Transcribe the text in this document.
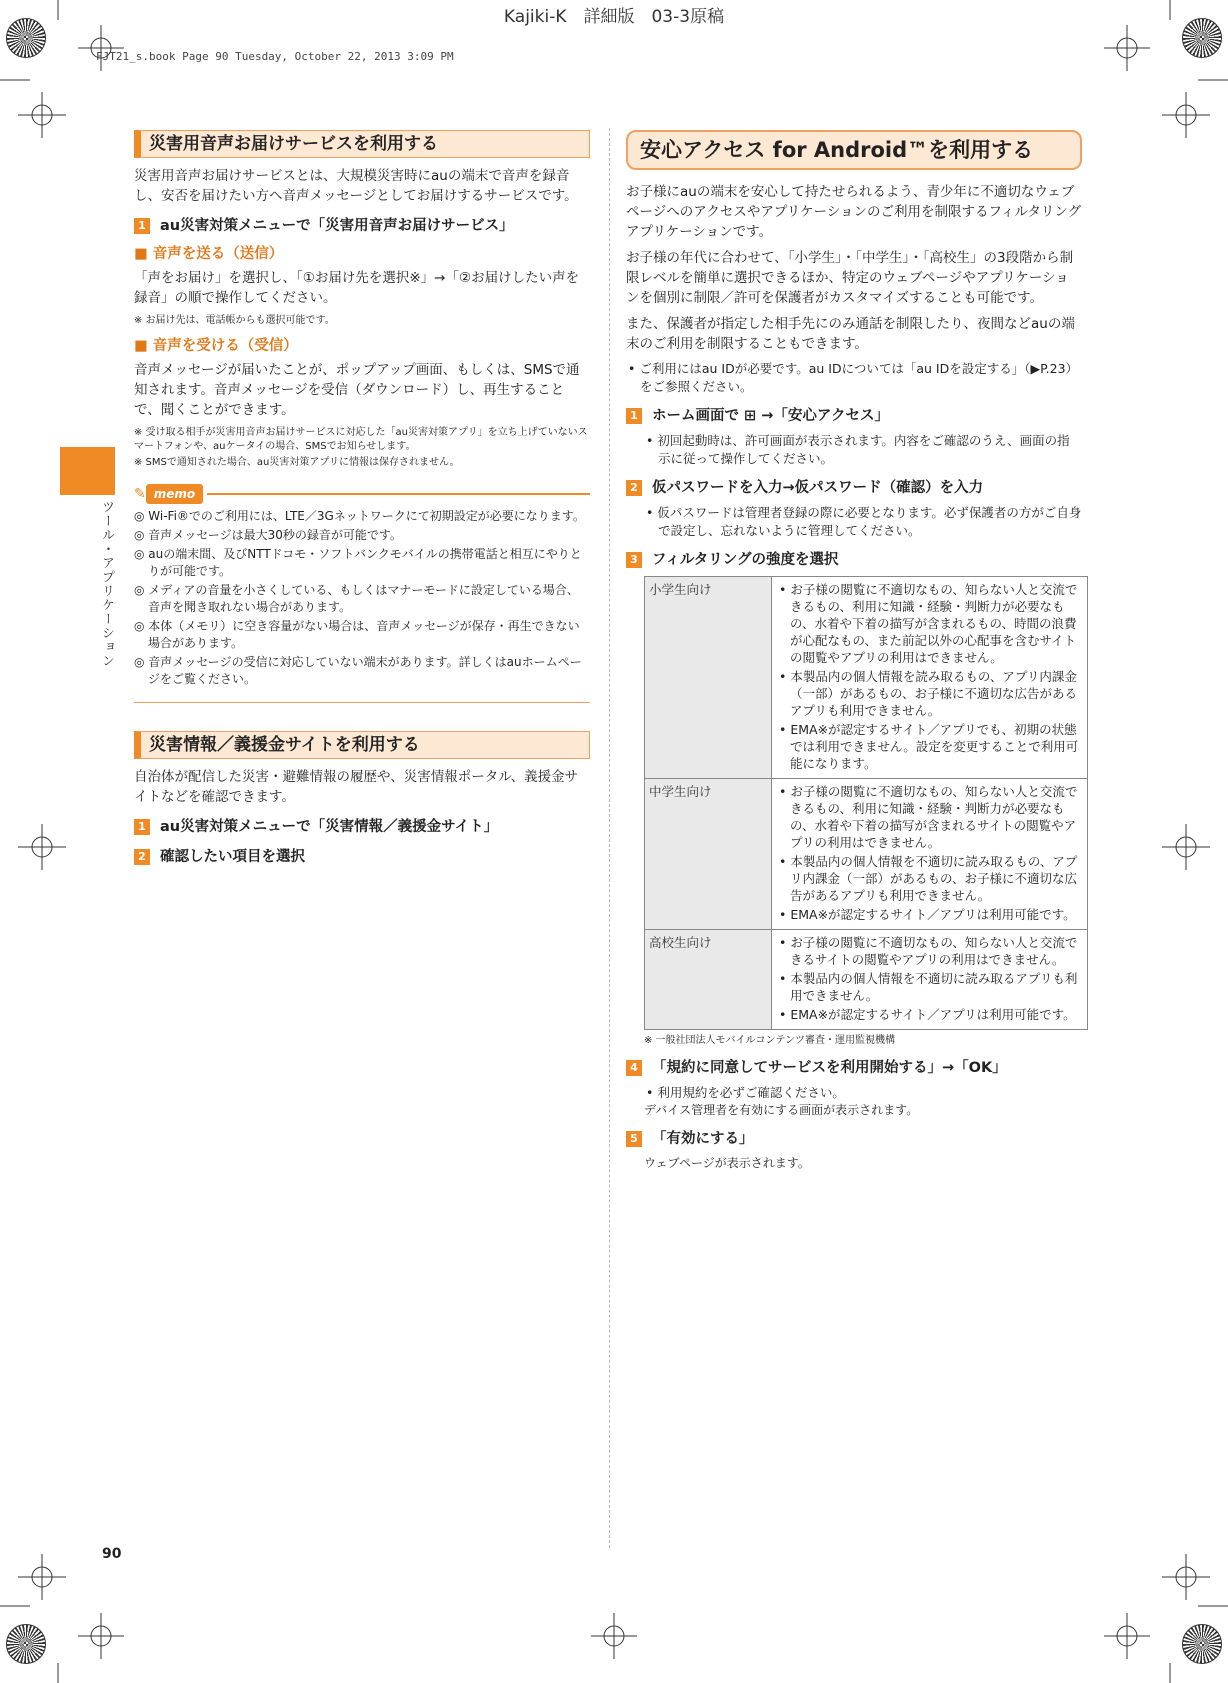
Kajiki-K　詳細版　03-3原稿
FJT21_s.book Page 90 Tuesday, October 22, 2013 3:09 PM
ツール・アプリケーション
災害用音声お届けサービスを利用する

災害用音声お届けサービスとは、大規模災害時にauの端末で音声を録音し、安否を届けたい方へ音声メッセージとしてお届けするサービスです。

1 au災害対策メニューで「災害用音声お届けサービス」
■ 音声を送る（送信）

「声をお届け」を選択し、「①お届け先を選択※」→「②お届けしたい声を録音」の順で操作してください。

※ お届け先は、電話帳からも選択可能です。

■ 音声を受ける（受信）

音声メッセージが届いたことが、ポップアップ画面、もしくは、SMSで通知されます。音声メッセージを受信（ダウンロード）し、再生することで、聞くことができます。

※ 受け取る相手が災害用音声お届けサービスに対応した「au災害対策アプリ」を立ち上げていないスマートフォンや、auケータイの場合、SMSでお知らせします。

※ SMSで通知された場合、au災害対策アプリに情報は保存されません。

✎ memo
◎ Wi-Fi®でのご利用には、LTE／3Gネットワークにて初期設定が必要になります。
◎ 音声メッセージは最大30秒の録音が可能です。
◎ auの端末間、及びNTTドコモ・ソフトバンクモバイルの携帯電話と相互にやりとりが可能です。
◎ メディアの音量を小さくしている、もしくはマナーモードに設定している場合、音声を聞き取れない場合があります。
◎ 本体（メモリ）に空き容量がない場合は、音声メッセージが保存・再生できない場合があります。
◎ 音声メッセージの受信に対応していない端末があります。詳しくはauホームページをご覧ください。
災害情報／義援金サイトを利用する

自治体が配信した災害・避難情報の履歴や、災害情報ポータル、義援金サイトなどを確認できます。

1 au災害対策メニューで「災害情報／義援金サイト」
2 確認したい項目を選択
安心アクセス for Android™を利用する

お子様にauの端末を安心して持たせられるよう、青少年に不適切なウェブページへのアクセスやアプリケーションのご利用を制限するフィルタリングアプリケーションです。

お子様の年代に合わせて、「小学生」・「中学生」・「高校生」の3段階から制限レベルを簡単に選択できるほか、特定のウェブページやアプリケーションを個別に制限／許可を保護者がカスタマイズすることも可能です。

また、保護者が指定した相手先にのみ通話を制限したり、夜間などauの端末のご利用を制限することもできます。

• ご利用にはau IDが必要です。au IDについては「au IDを設定する」（▶P.23）をご参照ください。
1 ホーム画面で ⊞ →「安心アクセス」
• 初回起動時は、許可画面が表示されます。内容をご確認のうえ、画面の指示に従って操作してください。
2 仮パスワードを入力→仮パスワード（確認）を入力
• 仮パスワードは管理者登録の際に必要となります。必ず保護者の方がご自身で設定し、忘れないように管理してください。
3 フィルタリングの強度を選択
小学生向け	• お子様の閲覧に不適切なもの、知らない人と交流できるもの、利用に知識・経験・判断力が必要なもの、水着や下着の描写が含まれるもの、時間の浪費が心配なもの、また前記以外の心配事を含むサイトの閲覧やアプリの利用はできません。
• 本製品内の個人情報を読み取るもの、アプリ内課金（一部）があるもの、お子様に不適切な広告があるアプリも利用できません。
• EMA※が認定するサイト／アプリでも、初期の状態では利用できません。設定を変更することで利用可能になります。

中学生向け	• お子様の閲覧に不適切なもの、知らない人と交流できるもの、利用に知識・経験・判断力が必要なもの、水着や下着の描写が含まれるサイトの閲覧やアプリの利用はできません。
• 本製品内の個人情報を不適切に読み取るもの、アプリ内課金（一部）があるもの、お子様に不適切な広告があるアプリも利用できません。
• EMA※が認定するサイト／アプリは利用可能です。

高校生向け	• お子様の閲覧に不適切なもの、知らない人と交流できるサイトの閲覧やアプリの利用はできません。
• 本製品内の個人情報を不適切に読み取るアプリも利用できません。
• EMA※が認定するサイト／アプリは利用可能です。

※ 一般社団法人モバイルコンテンツ審査・運用監視機構

4 「規約に同意してサービスを利用開始する」→「OK」
• 利用規約を必ずご確認ください。
デバイス管理者を有効にする画面が表示されます。
5 「有効にする」
ウェブページが表示されます。
90
